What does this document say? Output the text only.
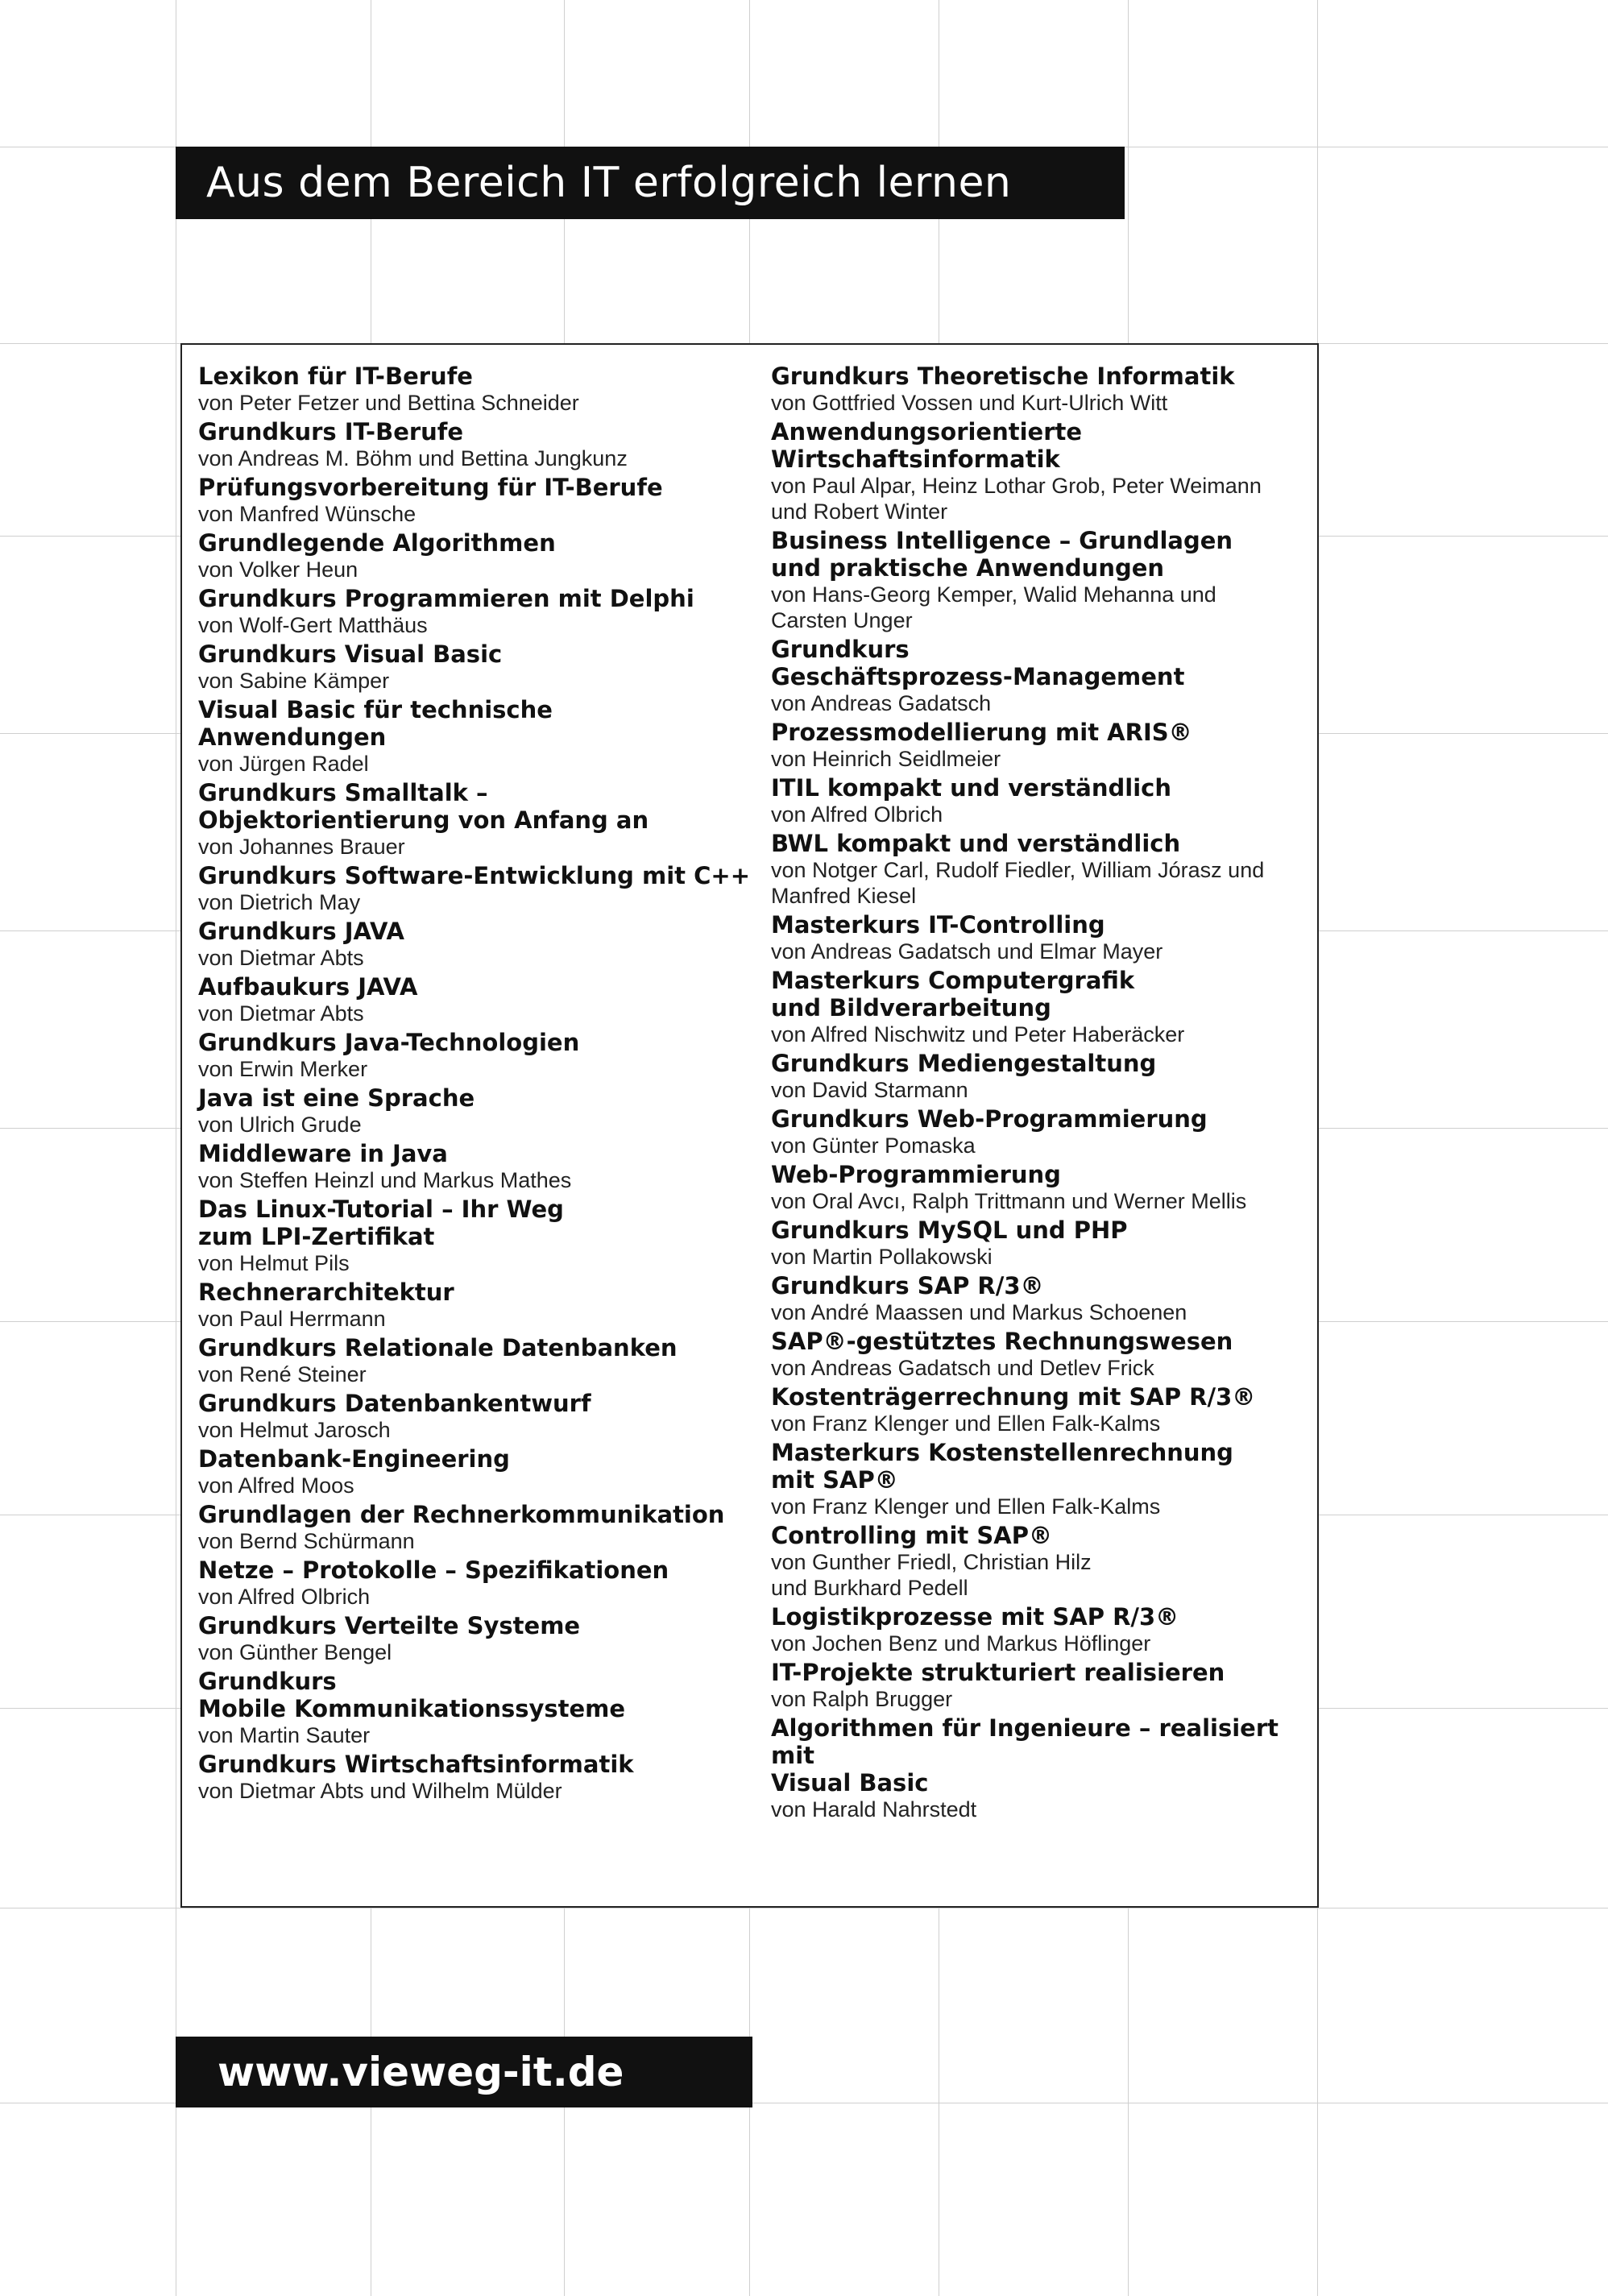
Aus dem Bereich IT erfolgreich lernen
Lexikon für IT-Berufe
von Peter Fetzer und Bettina Schneider
Grundkurs IT-Berufe
von Andreas M. Böhm und Bettina Jungkunz
Prüfungsvorbereitung für IT-Berufe
von Manfred Wünsche
Grundlegende Algorithmen
von Volker Heun
Grundkurs Programmieren mit Delphi
von Wolf-Gert Matthäus
Grundkurs Visual Basic
von Sabine Kämper
Visual Basic für technische
Anwendungen
von Jürgen Radel
Grundkurs Smalltalk –
Objektorientierung von Anfang an
von Johannes Brauer
Grundkurs Software-Entwicklung mit C++
von Dietrich May
Grundkurs JAVA
von Dietmar Abts
Aufbaukurs JAVA
von Dietmar Abts
Grundkurs Java-Technologien
von Erwin Merker
Java ist eine Sprache
von Ulrich Grude
Middleware in Java
von Steffen Heinzl und Markus Mathes
Das Linux-Tutorial – Ihr Weg
zum LPI-Zertifikat
von Helmut Pils
Rechnerarchitektur
von Paul Herrmann
Grundkurs Relationale Datenbanken
von René Steiner
Grundkurs Datenbankentwurf
von Helmut Jarosch
Datenbank-Engineering
von Alfred Moos
Grundlagen der Rechnerkommunikation
von Bernd Schürmann
Netze – Protokolle – Spezifikationen
von Alfred Olbrich
Grundkurs Verteilte Systeme
von Günther Bengel
Grundkurs
Mobile Kommunikationssysteme
von Martin Sauter
Grundkurs Wirtschaftsinformatik
von Dietmar Abts und Wilhelm Mülder
Grundkurs Theoretische Informatik
von Gottfried Vossen und Kurt-Ulrich Witt
Anwendungsorientierte
Wirtschaftsinformatik
von Paul Alpar, Heinz Lothar Grob, Peter Weimann
und Robert Winter
Business Intelligence – Grundlagen
und praktische Anwendungen
von Hans-Georg Kemper, Walid Mehanna und
Carsten Unger
Grundkurs
Geschäftsprozess-Management
von Andreas Gadatsch
Prozessmodellierung mit ARIS®
von Heinrich Seidlmeier
ITIL kompakt und verständlich
von Alfred Olbrich
BWL kompakt und verständlich
von Notger Carl, Rudolf Fiedler, William Jórasz und
Manfred Kiesel
Masterkurs IT-Controlling
von Andreas Gadatsch und Elmar Mayer
Masterkurs Computergrafik
und Bildverarbeitung
von Alfred Nischwitz und Peter Haberäcker
Grundkurs Mediengestaltung
von David Starmann
Grundkurs Web-Programmierung
von Günter Pomaska
Web-Programmierung
von Oral Avcı, Ralph Trittmann und Werner Mellis
Grundkurs MySQL und PHP
von Martin Pollakowski
Grundkurs SAP R/3®
von André Maassen und Markus Schoenen
SAP®-gestütztes Rechnungswesen
von Andreas Gadatsch und Detlev Frick
Kostenträgerrechnung mit SAP R/3®
von Franz Klenger und Ellen Falk-Kalms
Masterkurs Kostenstellenrechnung
mit SAP®
von Franz Klenger und Ellen Falk-Kalms
Controlling mit SAP®
von Gunther Friedl, Christian Hilz
und Burkhard Pedell
Logistikprozesse mit SAP R/3®
von Jochen Benz und Markus Höflinger
IT-Projekte strukturiert realisieren
von Ralph Brugger
Algorithmen für Ingenieure – realisiert mit
Visual Basic
von Harald Nahrstedt
www.vieweg-it.de
